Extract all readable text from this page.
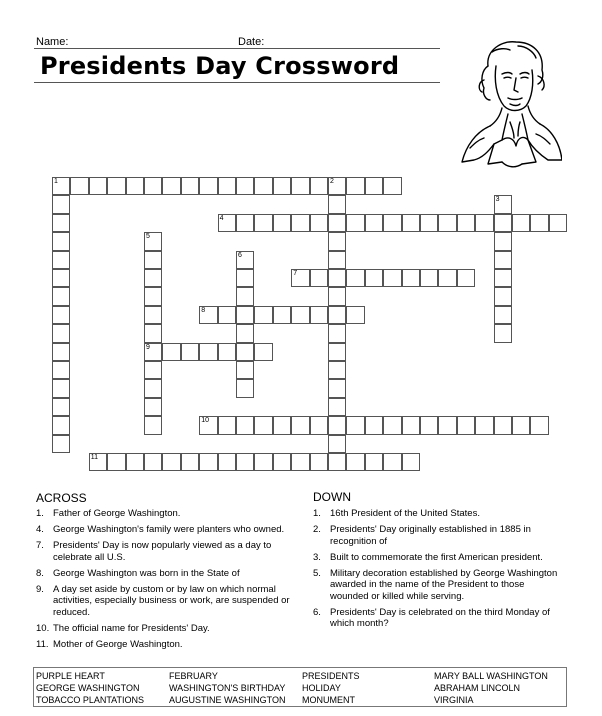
Name:	Date:
Presidents Day Crossword
1	2
3
4
5
9
6
7
8
10
11
ACROSS
1. Father of George Washington.
4. George Washington's family were planters who owned.
7. Presidents' Day is now popularly viewed as a day to celebrate all U.S.
8. George Washington was born in the State of
9. A day set aside by custom or by law on which normal activities, especially business or work, are suspended or reduced.
10. The official name for Presidents' Day.
11. Mother of George Washington.
DOWN
1. 16th President of the United States.
2. Presidents' Day originally established in 1885 in recognition of
3. Built to commemorate the first American president.
5. Military decoration established by George Washington awarded in the name of the President to those wounded or killed while serving.
6. Presidents' Day is celebrated on the third Monday of which month?
PURPLE HEART
GEORGE WASHINGTON
TOBACCO PLANTATIONS
FEBRUARY
WASHINGTON'S BIRTHDAY
AUGUSTINE WASHINGTON
PRESIDENTS
HOLIDAY
MONUMENT
MARY BALL WASHINGTON
ABRAHAM LINCOLN
VIRGINIA
